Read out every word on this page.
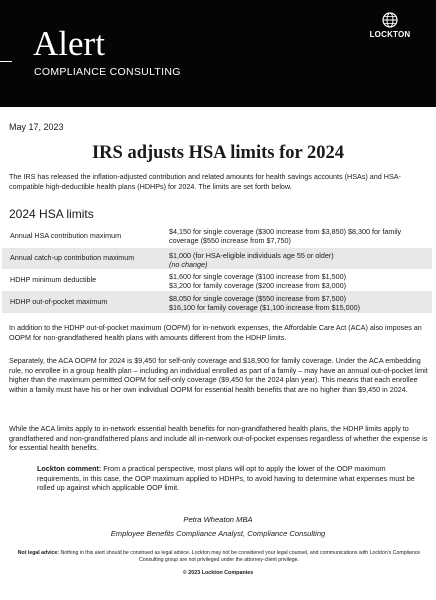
Alert
COMPLIANCE CONSULTING
LOCKTON
May 17, 2023
IRS adjusts HSA limits for 2024
The IRS has released the inflation-adjusted contribution and related amounts for health savings accounts (HSAs) and HSA-compatible high-deductible health plans (HDHPs) for 2024. The limits are set forth below.
2024 HSA limits
Annual HSA contribution maximum	$4,150 for single coverage ($300 increase from $3,850) $8,300 for family coverage ($550 increase from $7,750)
Annual catch-up contribution maximum	$1,000 (for HSA-eligible individuals age 55 or older)
(no change)
HDHP minimum deductible	$1,600 for single coverage ($100 increase from $1,500)
$3,200 for family coverage ($200 increase from $3,000)
HDHP out-of-pocket maximum	$8,050 for single coverage ($550 increase from $7,500)
$16,100 for family coverage ($1,100 increase from $15,000)
In addition to the HDHP out-of-pocket maximum (OOPM) for in-network expenses, the Affordable Care Act (ACA) also imposes an OOPM for non-grandfathered health plans with amounts different from the HDHP limits.
Separately, the ACA OOPM for 2024 is $9,450 for self-only coverage and $18,900 for family coverage. Under the ACA embedding rule, no enrollee in a group health plan – including an individual enrolled as part of a family – may have an annual out-of-pocket limit higher than the maximum permitted OOPM for self-only coverage ($9,450 for the 2024 plan year). This means that each enrollee within a family must have his or her own individual OOPM for essential health benefits that are no higher than $9,450 in 2024.
While the ACA limits apply to in-network essential health benefits for non-grandfathered health plans, the HDHP limits apply to grandfathered and non-grandfathered plans and include all in-network out-of-pocket expenses regardless of whether the expense is for essential health benefits.
Lockton comment: From a practical perspective, most plans will opt to apply the lower of the OOP maximum requirements, in this case, the OOP maximum applied to HDHPs, to avoid having to determine what expenses must be rolled up against which applicable OOP limit.
Petra Wheaton MBA
Employee Benefits Compliance Analyst, Compliance Consulting
Not legal advice: Nothing in this alert should be construed as legal advice. Lockton may not be considered your legal counsel, and communications with Lockton's Compliance Consulting group are not privileged under the attorney-client privilege.
© 2023 Lockton Companies
